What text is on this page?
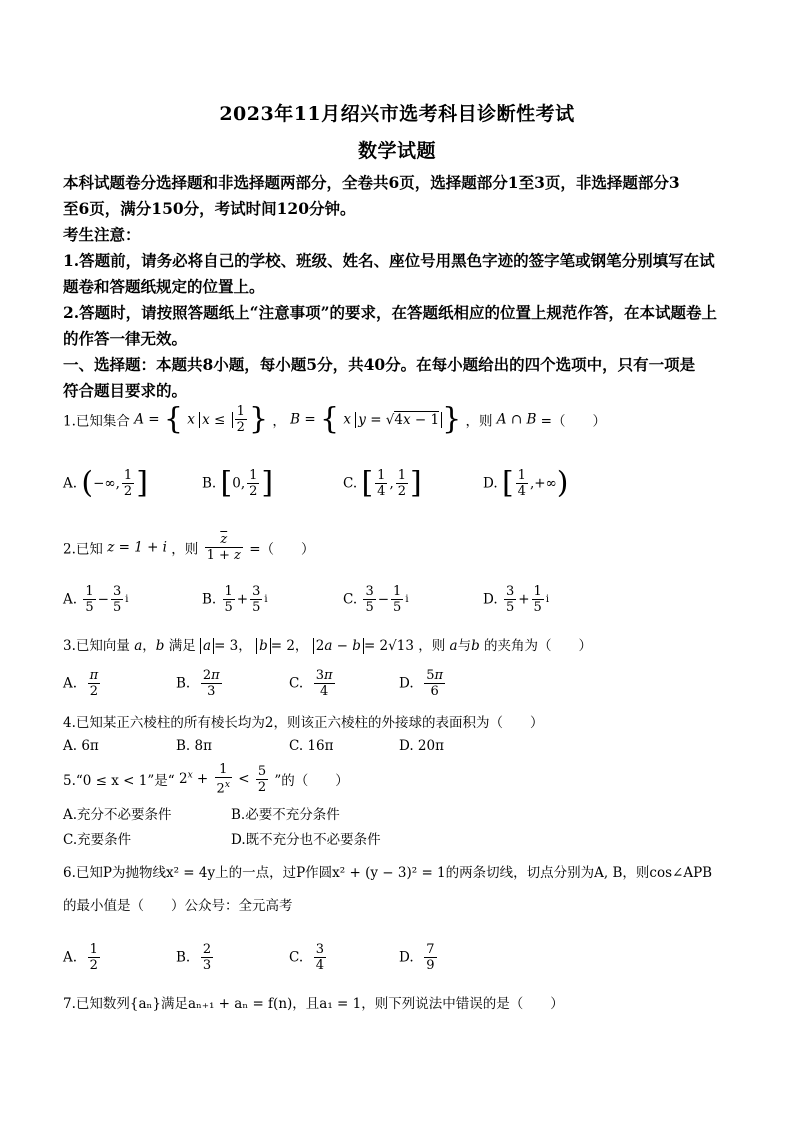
2023年11月绍兴市选考科目诊断性考试
数学试题
本科试题卷分选择题和非选择题两部分，全卷共6页，选择题部分1至3页，非选择题部分3
至6页，满分150分，考试时间120分钟。
考生注意：
1.答题前，请务必将自己的学校、班级、姓名、座位号用黑色字迹的签字笔或钢笔分别填写在试
题卷和答题纸规定的位置上。
2.答题时，请按照答题纸上“注意事项”的要求，在答题纸相应的位置上规范作答，在本试题卷上
的作答一律无效。
一、选择题：本题共8小题，每小题5分，共40分。在每小题给出的四个选项中，只有一项是
符合题目要求的。
1.已知集合 A = { x $x \le \frac{1}{2}$ } ， B = { x y = √4x − 1 } ，则 A ∩ B =（　　）
A. (−∞, $\frac{1}{2}$ ]	B. [0, $\frac{1}{2}$ ]	C. [ $\frac{1}{4}$ , $\frac{1}{2}$ ]	D. [ $\frac{1}{4}$ ,+∞)
2.已知 z = 1 + i ，则 $\frac{\overline{z}}{1 + z}$ =（　　）
A. $\frac{1}{5} - \frac{3}{5}$ i	B. $\frac{1}{5} + \frac{3}{5}$ i	C. $\frac{3}{5} - \frac{1}{5}$ i	D. $\frac{3}{5} + \frac{1}{5}$ i
3.已知向量 a，b 满足 a = 3， b = 2， 2a − b = 2√13 ，则 a与b 的夹角为（　　）
A. $\frac{\pi}{2}$	B. $\frac{2\pi}{3}$	C. $\frac{3\pi}{4}$	D. $\frac{5\pi}{6}$
4.已知某正六棱柱的所有棱长均为2，则该正六棱柱的外接球的表面积为（　　）
A. 6π	B. 8π	C. 16π	D. 20π
5.“0 ≤ x < 1”是“ $2^x + \frac{1}{2^x} < \frac{5}{2}$ ”的（　　）
A.充分不必要条件	B.必要不充分条件
C.充要条件	D.既不充分也不必要条件
6.已知P为抛物线x² = 4y上的一点，过P作圆x² + (y − 3)² = 1的两条切线，切点分别为A, B，则cos∠APB
的最小值是（　　）公众号：全元高考
A. $\frac{1}{2}$	B. $\frac{2}{3}$	C. $\frac{3}{4}$	D. $\frac{7}{9}$
7.已知数列{aₙ}满足aₙ₊₁ + aₙ = f(n)，且a₁ = 1，则下列说法中错误的是（　　）
